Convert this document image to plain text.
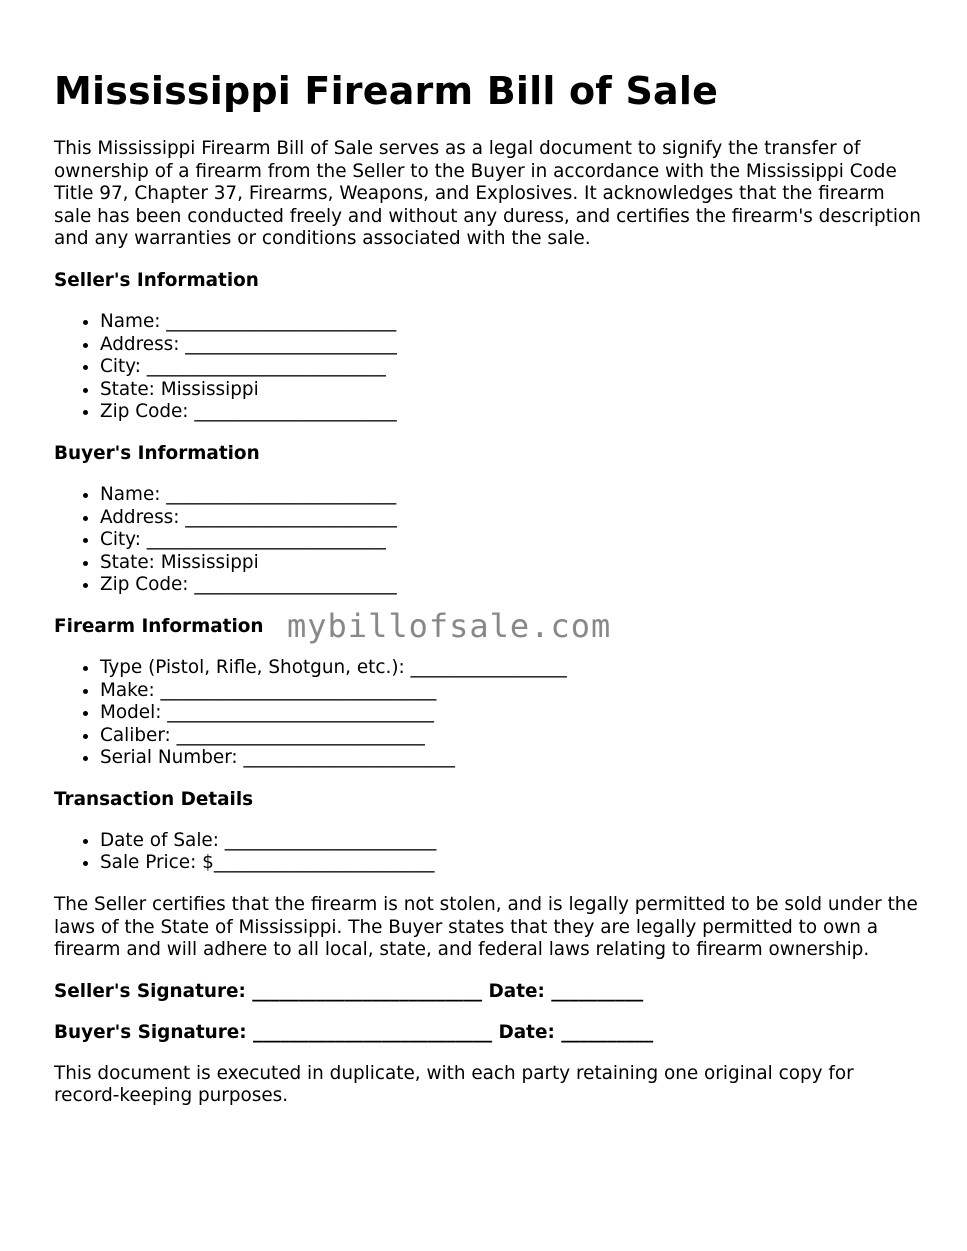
Mississippi Firearm Bill of Sale

This Mississippi Firearm Bill of Sale serves as a legal document to signify the transfer of ownership of a firearm from the Seller to the Buyer in accordance with the Mississippi Code Title 97, Chapter 37, Firearms, Weapons, and Explosives. It acknowledges that the firearm sale has been conducted freely and without any duress, and certifies the firearm's description and any warranties or conditions associated with the sale.

Seller's Information
• Name: _________________________
• Address: _______________________
• City: __________________________
• State: Mississippi
• Zip Code: ______________________
Buyer's Information
• Name: _________________________
• Address: _______________________
• City: __________________________
• State: Mississippi
• Zip Code: ______________________
Firearm Information mybillofsale.com
• Type (Pistol, Rifle, Shotgun, etc.): _________________
• Make: ______________________________
• Model: _____________________________
• Caliber: ___________________________
• Serial Number: _______________________
Transaction Details
• Date of Sale: _______________________
• Sale Price: $________________________

The Seller certifies that the firearm is not stolen, and is legally permitted to be sold under the laws of the State of Mississippi. The Buyer states that they are legally permitted to own a firearm and will adhere to all local, state, and federal laws relating to firearm ownership.

Seller's Signature: _________________________ Date: __________
Buyer's Signature: __________________________ Date: __________

This document is executed in duplicate, with each party retaining one original copy for record-keeping purposes.
